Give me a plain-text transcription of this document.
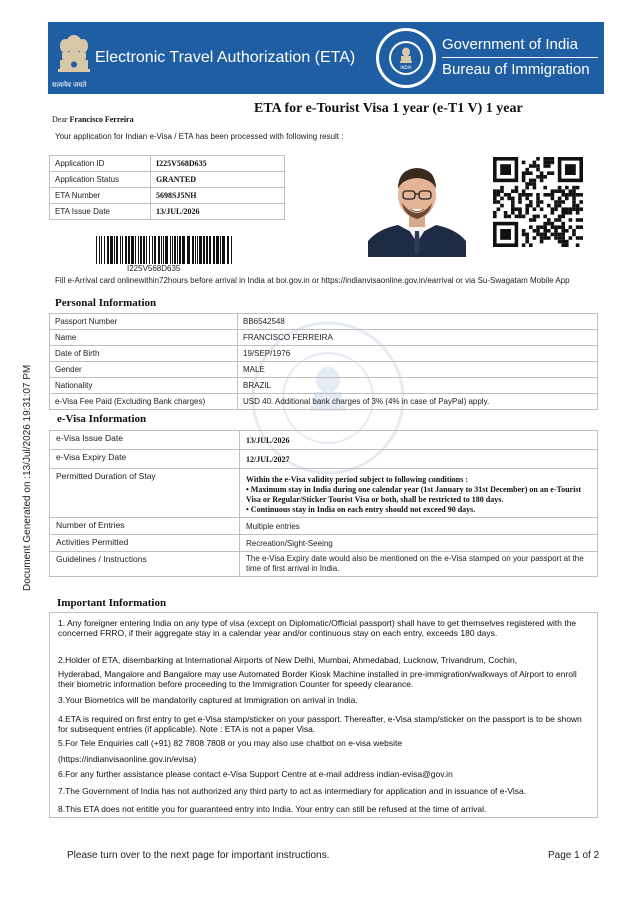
सत्यमेव जयते
Electronic Travel Authorization (ETA)
INDIA
Government of India
Bureau of Immigration
ETA for e-Tourist Visa 1 year (e-T1 V) 1 year
Dear Francisco Ferreira
Your application for Indian e-Visa / ETA has been processed with following result :
Application ID	I225V568D635
Application Status	GRANTED
ETA Number	5698SJ5NH
ETA Issue Date	13/JUL/2026
I225V568D635
Fill e-Arrival card onlinewithin72hours before arrival in India at boi.gov.in or https://indianvisaonline.gov.in/earrival or via Su-Swagatam Mobile App
Personal Information
Passport Number	BB6542548
Name	FRANCISCO FERREIRA
Date of Birth	19/SEP/1976
Gender	MALE
Nationality	BRAZIL
e-Visa Fee Paid (Excluding Bank charges)	USD 40. Additional bank charges of 3% (4% in case of PayPal) apply.
e-Visa Information
e-Visa Issue Date	13/JUL/2026
e-Visa Expiry Date	12/JUL/2027
Permitted Duration of Stay	Within the e-Visa validity period subject to following conditions :
• Maximum stay in India during one calendar year (1st January to 31st December) on an e-Tourist Visa or Regular/Sticker Tourist Visa or both, shall be restricted to 180 days.
• Continuous stay in India on each entry should not exceed 90 days.

Number of Entries	Multiple entries
Activities Permitted	Recreation/Sight-Seeing
Guidelines / Instructions	The e-Visa Expiry date would also be mentioned on the e-Visa stamped on your passport at the time of first arrival in India.
Important Information

1. Any foreigner entering India on any type of visa (except on Diplomatic/Official passport) shall have to get themselves registered with the concerned FRRO, if their aggregate stay in a calendar year and/or continuous stay on each entry, exceeds 180 days.

2.Holder of ETA, disembarking at International Airports of New Delhi, Mumbai, Ahmedabad, Lucknow, Trivandrum, Cochin,

Hyderabad, Mangalore and Bangalore may use Automated Border Kiosk Machine installed in pre-immigration/walkways of Airport to enroll their biometric information before proceeding to the Immigration Counter for speedy clearance.

3.Your Biometrics will be mandatorily captured at Immigration on arrival in India.

4.ETA is required on first entry to get e-Visa stamp/sticker on your passport. Thereafter, e-Visa stamp/sticker on the passport is to be shown for subsequent entries (if applicable). Note : ETA is not a paper Visa.

5.For Tele Enquiries call (+91) 82 7808 7808 or you may also use chatbot on e-visa website

(https://indianvisaonline.gov.in/evisa)

6.For any further assistance please contact e-Visa Support Centre at e-mail address indian-evisa@gov.in

7.The Government of India has not authorized any third party to act as intermediary for application and in issuance of e-Visa.

8.This ETA does not entitle you for guaranteed entry into India. Your entry can still be refused at the time of arrival.

Document Generated on :13/Jul/2026 19:31:07 PM
Please turn over to the next page for important instructions.	Page 1 of 2
